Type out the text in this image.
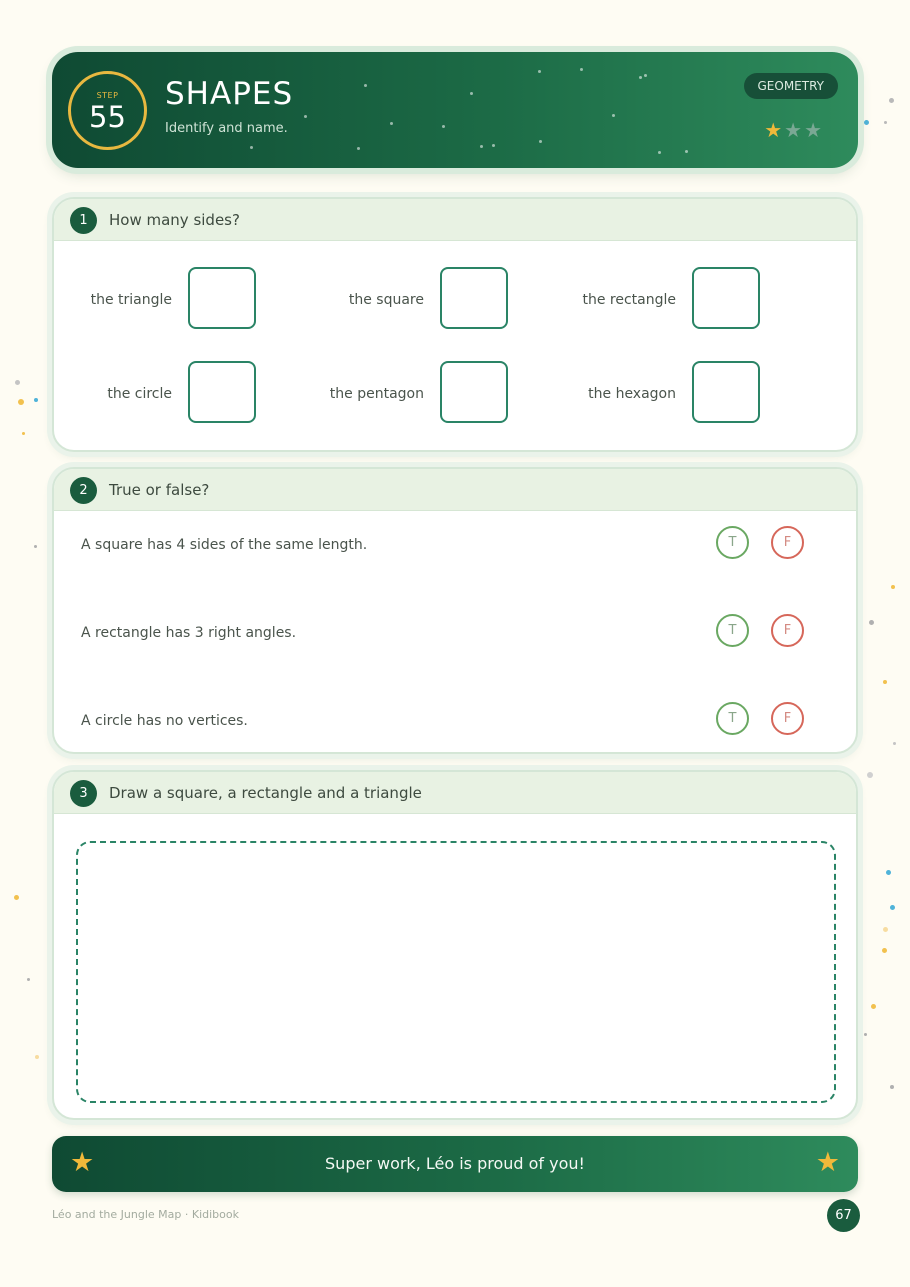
STEP
55
SHAPES
Identify and name.
GEOMETRY
★★★
1	How many sides?
the triangle	the square	the rectangle
the circle	the pentagon	the hexagon
2	True or false?
A square has 4 sides of the same length.	T	F
A rectangle has 3 right angles.	T	F
A circle has no vertices.	T	F
3	Draw a square, a rectangle and a triangle
★	Super work, Léo is proud of you!	★
Léo and the Jungle Map · Kidibook	67
